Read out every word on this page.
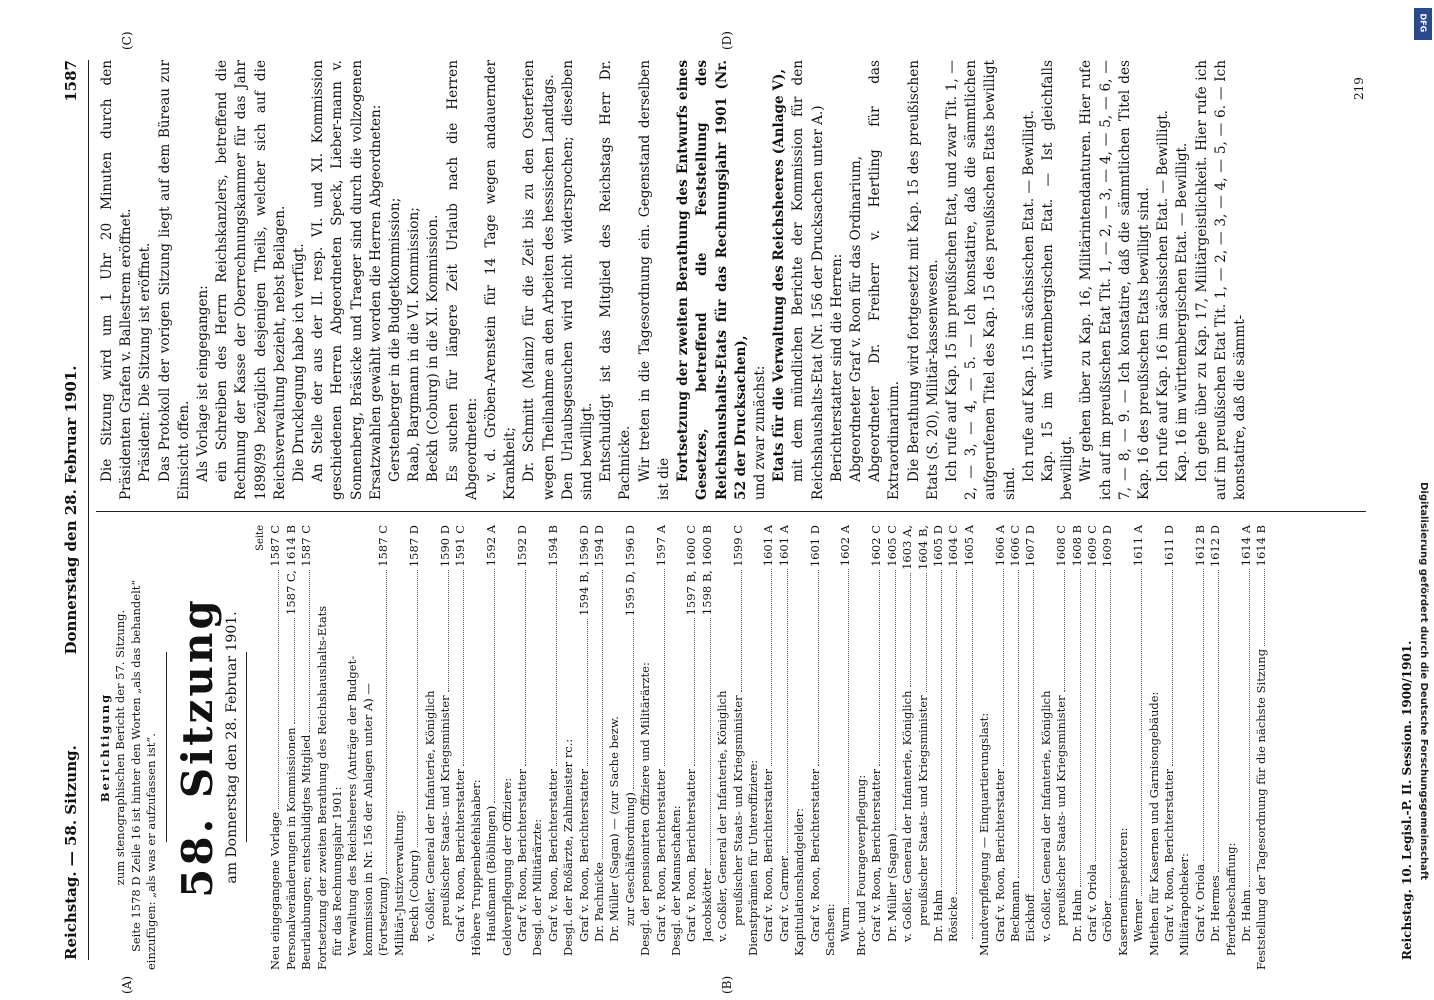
Reichstag. — 58. Sitzung.
Donnerstag den 28. Februar 1901.
1587
(A)	(B)
(C)	(D)
Berichtigung zum stenographischen Bericht der 57. Sitzung. Seite 1578 D Zeile 16 ist hinter den Worten „als das behandelt“ einzufügen: „als was er aufzufassen ist“. 58. Sitzung am Donnerstag den 28. Februar 1901.
Seite
Neu eingegangene Vorlage
1587 C
Personalveränderungen in Kommissionen
1587 C, 1614 B
Beurlaubungen; entschuldigtes Mitglied
1587 C
Fortsetzung der zweiten Berathung des Reichshaushalts-Etats für das Rechnungsjahr 1901: Verwaltung des Reichsheeres (Anträge der Budget- kommission in Nr. 156 der Anlagen unter A) — (Fortsetzung)
1587 C
Militär-Justizverwaltung: Beckh (Coburg)
1587 D
v. Goßler, General der Infanterie, Königlich preußischer Staats- und Kriegsminister
1590 D
Graf v. Roon, Berichterstatter
1591 C
Höhere Truppenbefehlshaber: Haußmann (Böblingen)
1592 A
Geldverpflegung der Offiziere: Graf v. Roon, Berichterstatter
1592 D
Desgl. der Militärärzte: Graf v. Roon, Berichterstatter
1594 B
Desgl. der Roßärzte, Zahlmeister rc.: Graf v. Roon, Berichterstatter
1594 B, 1596 D
Dr. Pachnicke
1594 D
Dr. Müller (Sagan) — (zur Sache bezw. zur Geschäftsordnung)
1595 D, 1596 D
Desgl. der pensionirten Offiziere und Militärärzte: Graf v. Roon, Berichterstatter
1597 A
Desgl. der Mannschaften: Graf v. Roon, Berichterstatter
1597 B, 1600 C
Jacobskötter
1598 B, 1600 B
v. Goßler, General der Infanterie, Königlich preußischer Staats- und Kriegsminister
1599 C
Dienstprämien für Unteroffiziere: Graf v. Roon, Berichterstatter
1601 A
Graf v. Carmer
1601 A
Kapitulationshandgelder: Graf v. Roon, Berichterstatter
1601 D
Sachsen: Wurm
1602 A
Brot- und Fourageverpflegung: Graf v. Roon, Berichterstatter
1602 C
Dr. Müller (Sagan)
1605 C
v. Goßler, General der Infanterie, Königlich
1603 A,
preußischer Staats- und Kriegsminister
1604 B,
Dr. Hahn
1605 D
Rösicke
1604 C 1605 A
Mundverpflegung — Einquartierungslast: Graf v. Roon, Berichterstatter
1606 A
Beckmann
1606 C
Eickhoff
1607 D
v. Goßler, General der Infanterie, Königlich preußischer Staats- und Kriegsminister
1608 C
Dr. Hahn
1608 B
Graf v. Oriola
1609 C
Gröber
1609 D
Kaserneninspektoren: Werner
1611 A
Miethen für Kasernen und Garnisongebäude: Graf v. Roon, Berichterstatter
1611 D
Militärapotheker: Graf v. Oriola
1612 B
Dr. Hermes
1612 D
Pferdebeschaffung: Dr. Hahn
1614 A
Feststellung der Tagesordnung für die nächste Sitzung
1614 B

Die Sitzung wird um 1 Uhr 20 Minuten durch den Präsidenten Grafen v. Ballestrem eröffnet. Präsident: Die Sitzung ist eröffnet. Das Protokoll der vorigen Sitzung liegt auf dem Büreau zur Einsicht offen. Als Vorlage ist eingegangen: ein Schreiben des Herrn Reichskanzlers, betreffend die Rechnung der Kasse der Oberrechnungskammer für das Jahr 1898/99 bezüglich desjenigen Theils, welcher sich auf die Reichsverwaltung bezieht, nebst Beilagen. Die Drucklegung habe ich verfügt. An Stelle der aus der II. resp. VI. und XI. Kommission geschiedenen Herren Abgeordneten Speck, Lieber-mann v. Sonnenberg, Bräsicke und Traeger sind durch die vollzogenen Ersatzwahlen gewählt worden die Herren Abgeordneten: Gerstenberger in die Budgetkommission; Raab, Bargmann in die VI. Kommission; Beckh (Coburg) in die XI. Kommission. Es suchen für längere Zeit Urlaub nach die Herren Abgeordneten: v. d. Gröben-Arenstein für 14 Tage wegen andauernder Krankheit; Dr. Schmitt (Mainz) für die Zeit bis zu den Osterferien wegen Theilnahme an den Arbeiten des hessischen Landtags. Den Urlaubsgesuchen wird nicht widersprochen; dieselben sind bewilligt. Entschuldigt ist das Mitglied des Reichstags Herr Dr. Pachnicke. Wir treten in die Tagesordnung ein. Gegenstand derselben ist die Fortsetzung der zweiten Berathung des Entwurfs eines Gesetzes, betreffend die Feststellung des Reichshaushalts-Etats für das Rechnungsjahr 1901 (Nr. 52 der Drucksachen), und zwar zunächst: Etats für die Verwaltung des Reichsheeres (Anlage V), mit dem mündlichen Berichte der Kommission für den Reichshaushalts-Etat (Nr. 156 der Drucksachen unter A.) Berichterstatter sind die Herren: Abgeordneter Graf v. Roon für das Ordinarium, Abgeordneter Dr. Freiherr v. Hertling für das Extraordinarium. Die Berathung wird fortgesetzt mit Kap. 15 des preußischen Etats (S. 20), Militär-kassenwesen. Ich rufe auf Kap. 15 im preußischen Etat, und zwar Tit. 1, — 2, — 3, — 4, — 5. — Ich konstatire, daß die sämmtlichen aufgerufenen Titel des Kap. 15 des preußischen Etats bewilligt sind.

Ich rufe auf Kap. 15 im sächsischen Etat. — Bewilligt. Kap. 15 im württembergischen Etat. — Ist gleichfalls bewilligt. Wir gehen über zu Kap. 16, Militärintendanturen. Hier rufe ich auf im preußischen Etat Tit. 1, — 2, — 3, — 4, — 5, — 6, — 7, — 8, — 9. — Ich konstatire, daß die sämmtlichen Titel des Kap. 16 des preußischen Etats bewilligt sind. Ich rufe auf Kap. 16 im sächsischen Etat. — Bewilligt. Kap. 16 im württembergischen Etat. — Bewilligt. Ich gehe über zu Kap. 17, Militärgeistlichkeit. Hier rufe ich auf im preußischen Etat Tit. 1, — 2, — 3, — 4, — 5, — 6. — Ich konstatire, daß die sämmt-

219
Reichstag. 10. Legisl.-P. II. Session. 1900/1901. Digitalisierung gefördert durch die Deutsche Forschungsgemeinschaft
DFG
